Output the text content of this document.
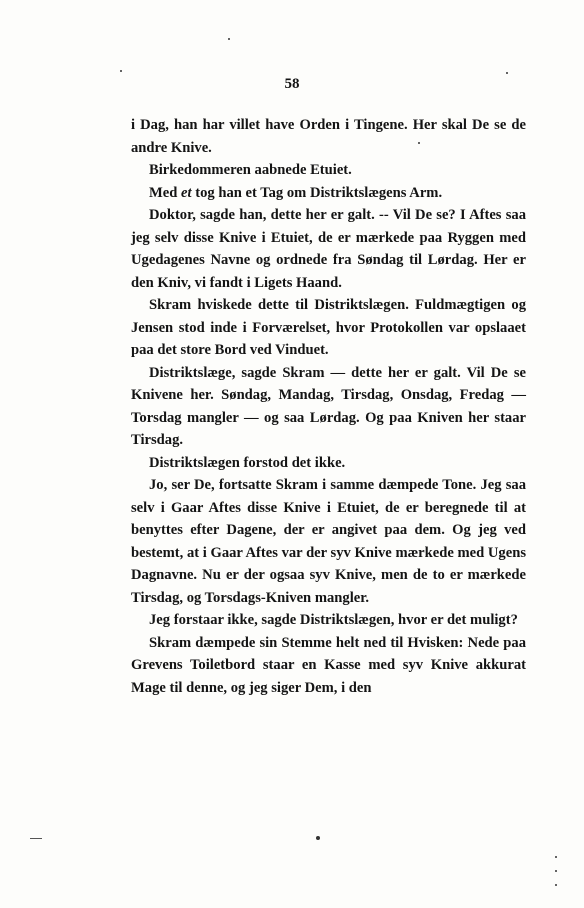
58

i Dag, han har villet have Orden i Tingene. Her skal De se de andre Knive.

Birkedommeren aabnede Etuiet.

Med et tog han et Tag om Distriktslægens Arm.

Doktor, sagde han, dette her er galt. -- Vil De se? I Aftes saa jeg selv disse Knive i Etuiet, de er mærkede paa Ryggen med Ugedagenes Navne og ordnede fra Søndag til Lørdag. Her er den Kniv, vi fandt i Ligets Haand.

Skram hviskede dette til Distriktslægen. Fuldmægtigen og Jensen stod inde i Forværelset, hvor Protokollen var opslaaet paa det store Bord ved Vinduet.

Distriktslæge, sagde Skram — dette her er galt. Vil De se Knivene her. Søndag, Mandag, Tirsdag, Onsdag, Fredag — Torsdag mangler — og saa Lørdag. Og paa Kniven her staar Tirsdag.

Distriktslægen forstod det ikke.

Jo, ser De, fortsatte Skram i samme dæmpede Tone. Jeg saa selv i Gaar Aftes disse Knive i Etuiet, de er beregnede til at benyttes efter Dagene, der er angivet paa dem. Og jeg ved bestemt, at i Gaar Aftes var der syv Knive mærkede med Ugens Dagnavne. Nu er der ogsaa syv Knive, men de to er mærkede Tirsdag, og Torsdags-Kniven mangler.

Jeg forstaar ikke, sagde Distriktslægen, hvor er det muligt?

Skram dæmpede sin Stemme helt ned til Hvisken: Nede paa Grevens Toiletbord staar en Kasse med syv Knive akkurat Mage til denne, og jeg siger Dem, i den
